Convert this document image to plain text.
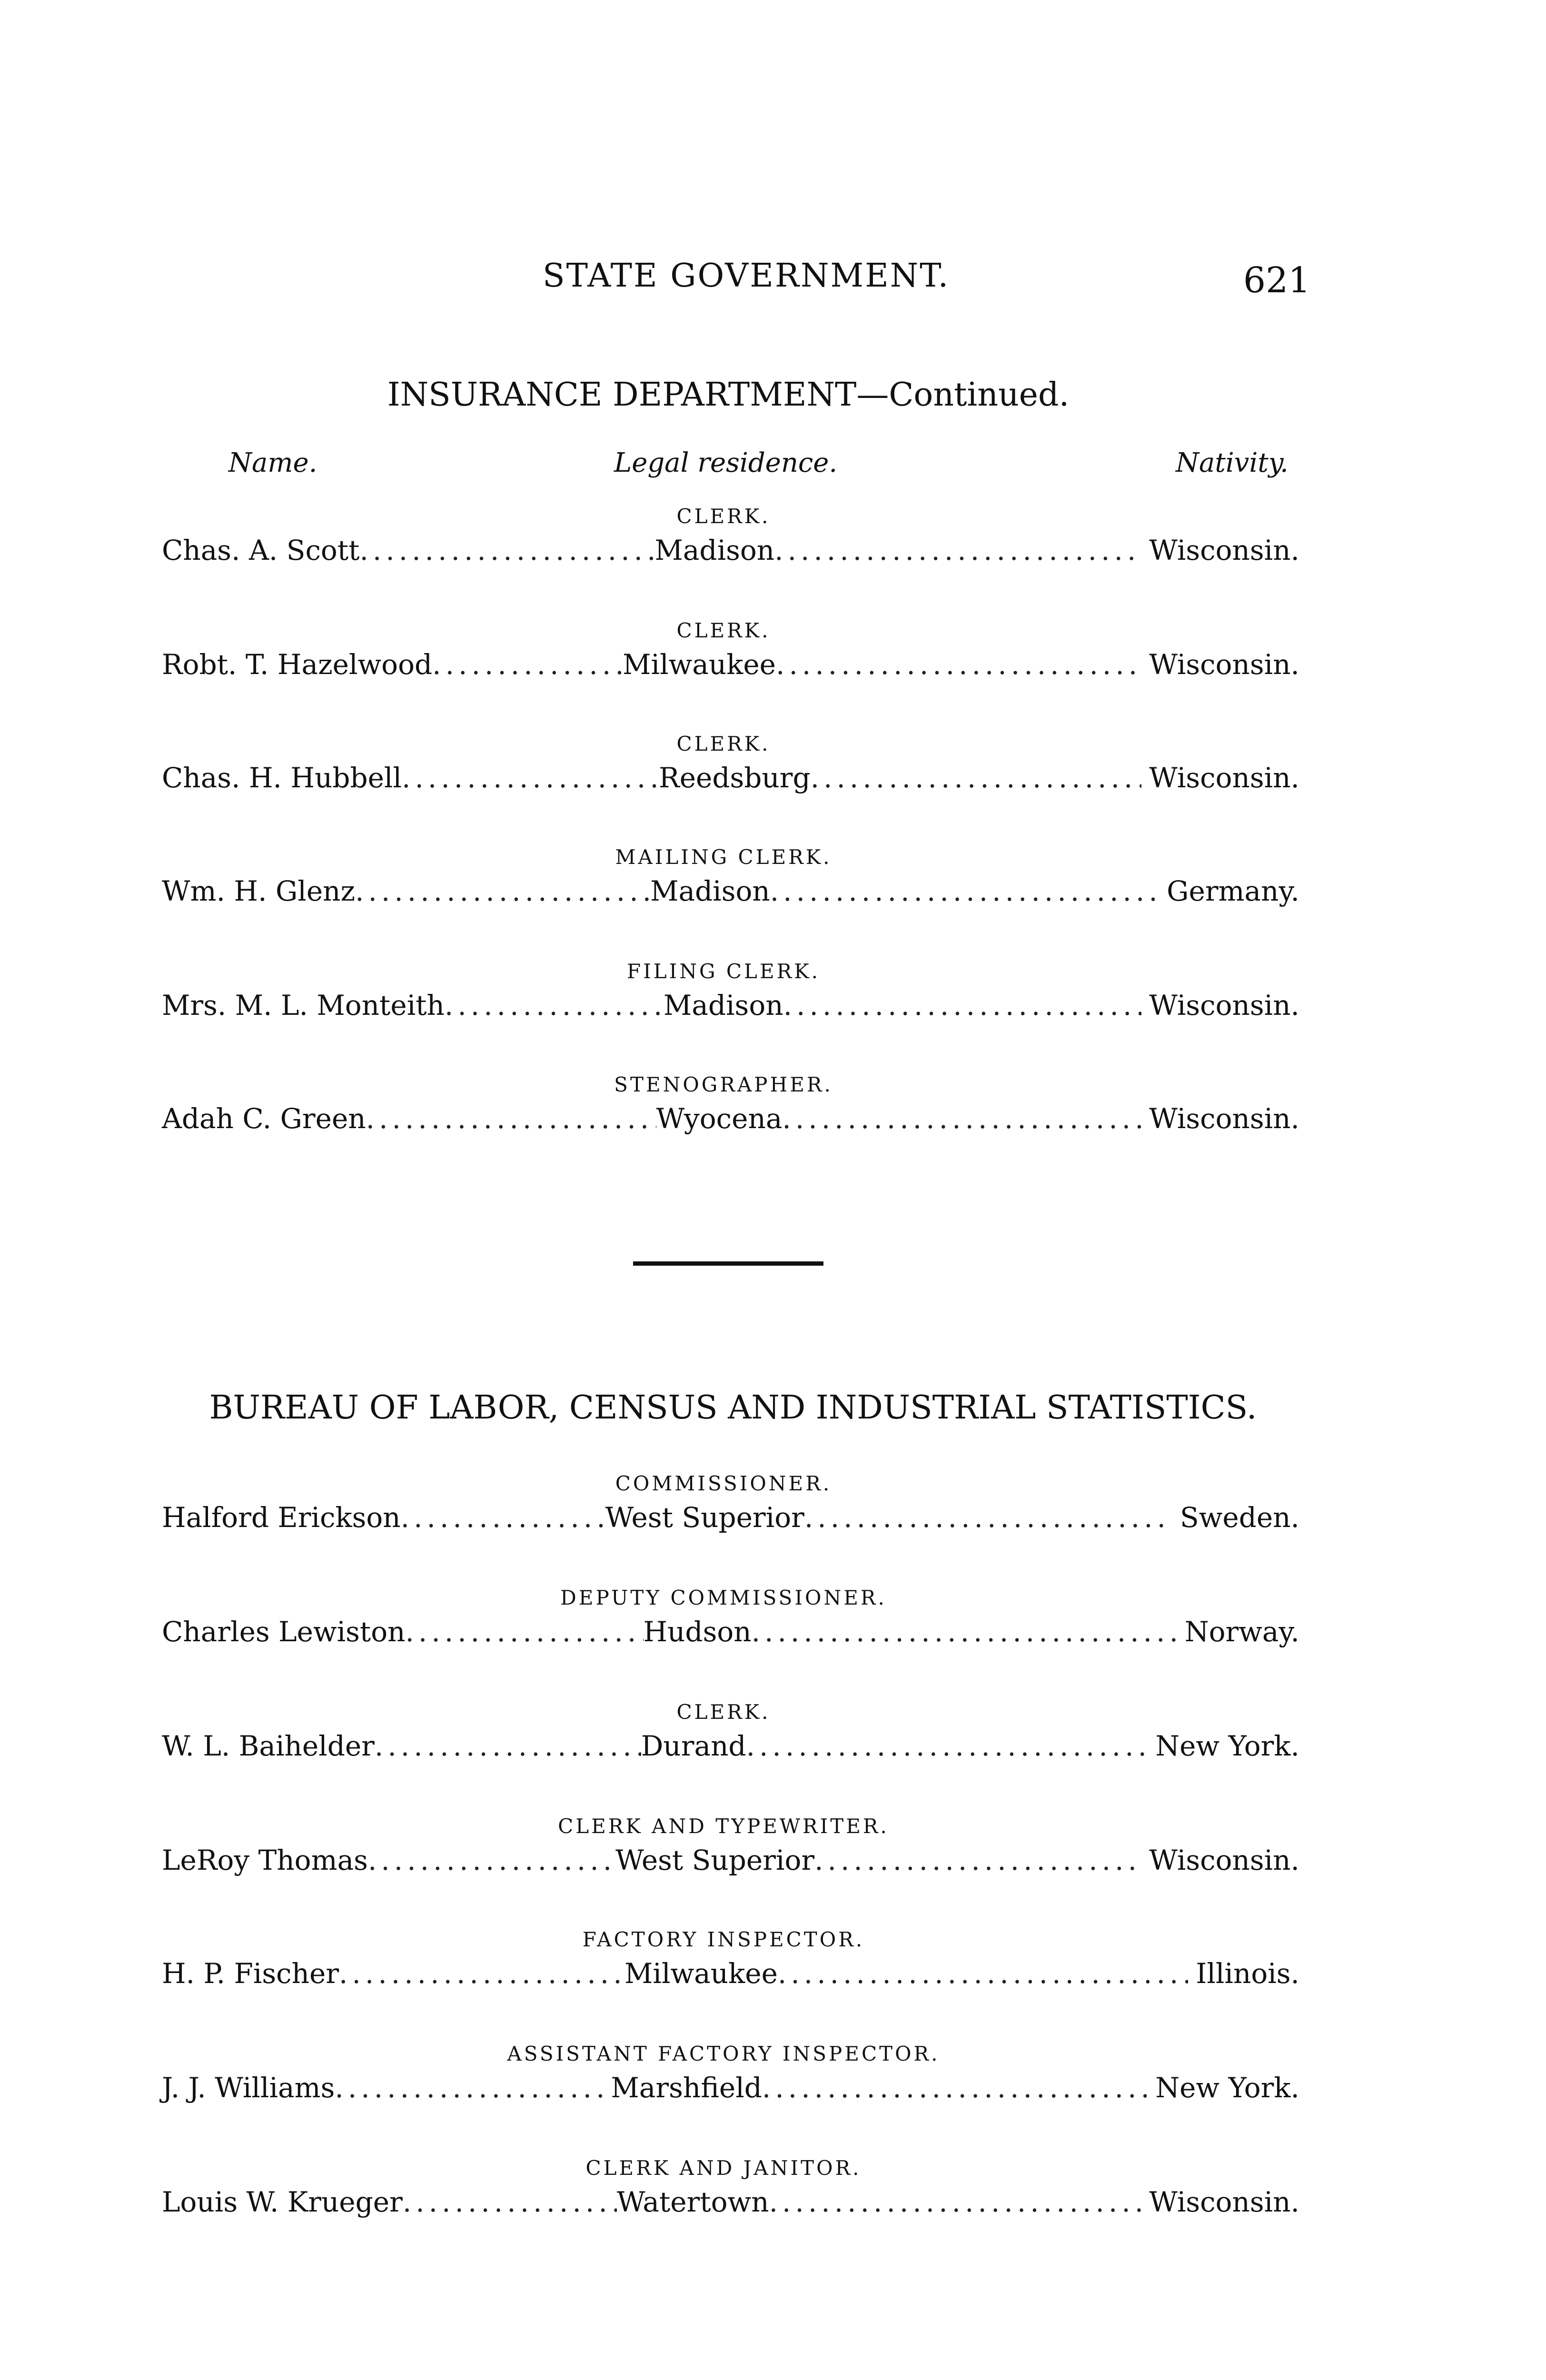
STATE GOVERNMENT.	621
INSURANCE DEPARTMENT—Continued.
Name.	Legal residence.	Nativity.
CLERK.
Chas. A. Scott .....	Madison .....	Wisconsin.
CLERK.
Robt. T. Hazelwood .....	Milwaukee .....	Wisconsin.
CLERK.
Chas. H. Hubbell .....	Reedsburg .....	Wisconsin.
MAILING CLERK.
Wm. H. Glenz .....	Madison .....	Germany.
FILING CLERK.
Mrs. M. L. Monteith .....	Madison .....	Wisconsin.
STENOGRAPHER.
Adah C. Green .....	Wyocena .....	Wisconsin.
BUREAU OF LABOR, CENSUS AND INDUSTRIAL STATISTICS.
COMMISSIONER.
Halford Erickson .....	West Superior .....	Sweden.
DEPUTY COMMISSIONER.
Charles Lewiston .....	Hudson .....	Norway.
CLERK.
W. L. Baihelder .....	Durand .....	New York.
CLERK AND TYPEWRITER.
LeRoy Thomas .....	West Superior .....	Wisconsin.
FACTORY INSPECTOR.
H. P. Fischer .....	Milwaukee .....	Illinois.
ASSISTANT FACTORY INSPECTOR.
J. J. Williams .....	Marshfield .....	New York.
CLERK AND JANITOR.
Louis W. Krueger .....	Watertown .....	Wisconsin.
